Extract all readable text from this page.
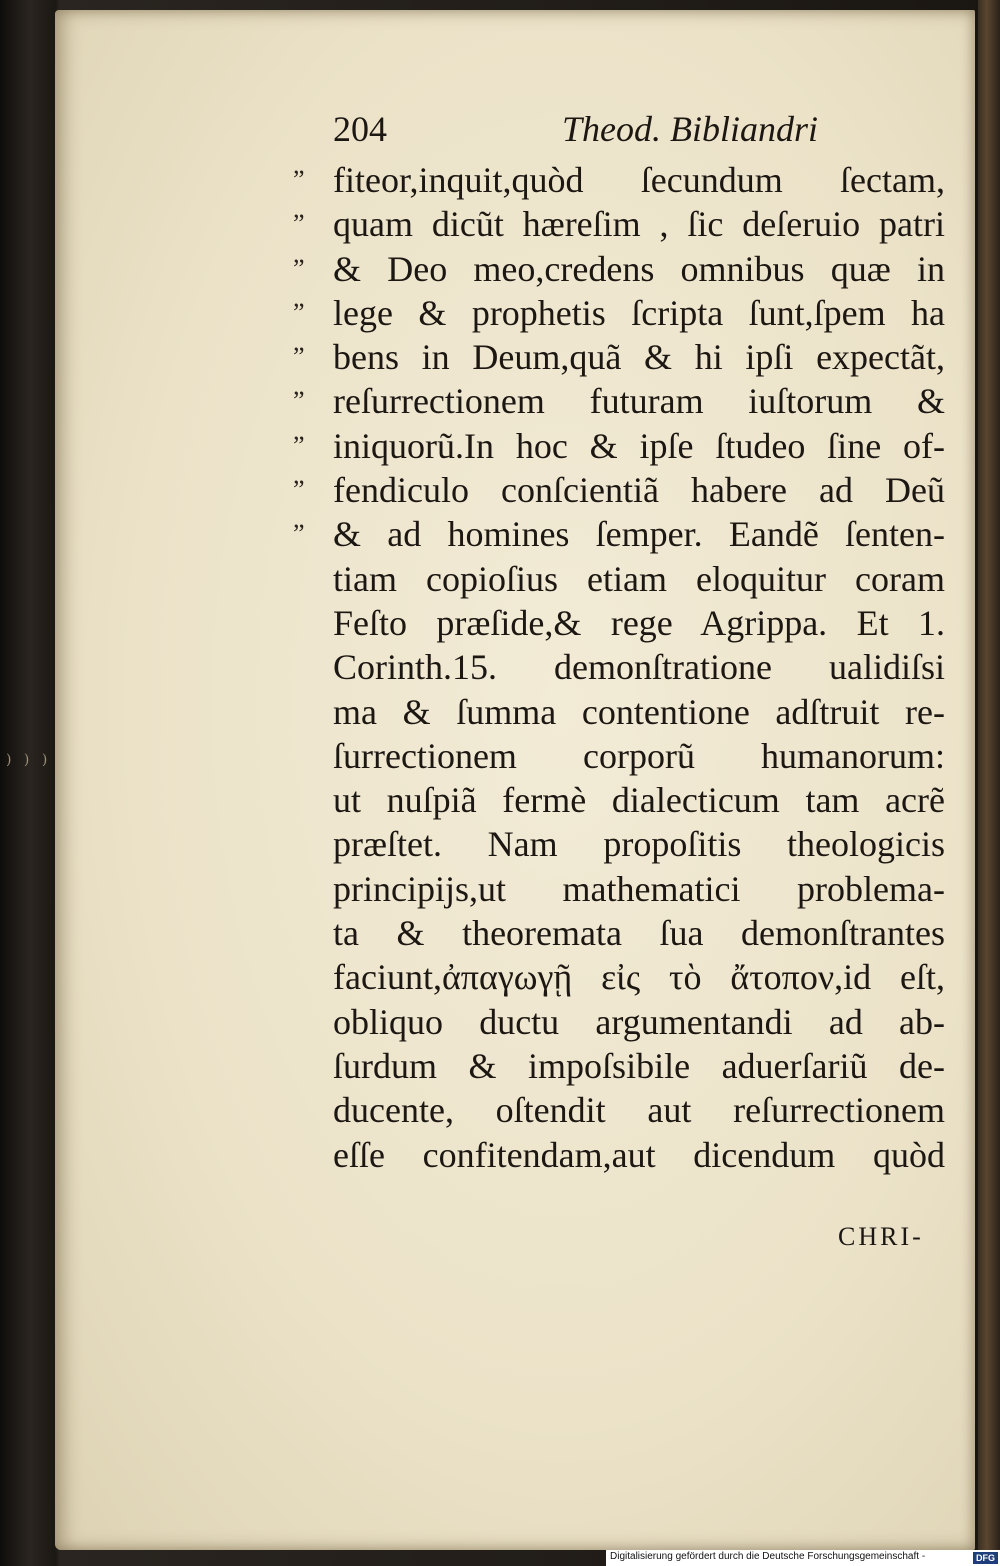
) ) )
204	Theod. Bibliandri
” fiteor,inquit,quòd ſecundum ſectam,
” quam dicũt hæreſim , ſic deſeruio patri
” & Deo meo,credens omnibus quæ in
” lege & prophetis ſcripta ſunt,ſpem ha
” bens in Deum,quã & hi ipſi expectãt,
” reſurrectionem futuram iuſtorum &
” iniquorũ.In hoc & ipſe ſtudeo ſine of-
” fendiculo conſcientiã habere ad Deũ
” & ad homines ſemper. Eandẽ ſenten-
tiam copioſius etiam eloquitur coram
Feſto præſide,& rege Agrippa. Et 1.
Corinth.15. demonſtratione ualidiſsi
ma & ſumma contentione adſtruit re-
ſurrectionem corporũ humanorum:
ut nuſpiã fermè dialecticum tam acrẽ
præſtet. Nam propoſitis theologicis
principijs,ut mathematici problema-
ta & theoremata ſua demonſtrantes
faciunt,ἀπαγωγῇ εἰς τὸ ἄτοπον,id eſt,
obliquo ductu argumentandi ad ab-
ſurdum & impoſsibile aduerſariũ de-
ducente, oſtendit aut reſurrectionem
eſſe confitendam,aut dicendum quòd
CHRI-
Digitalisierung gefördert durch die Deutsche Forschungsgemeinschaft -	DFG
